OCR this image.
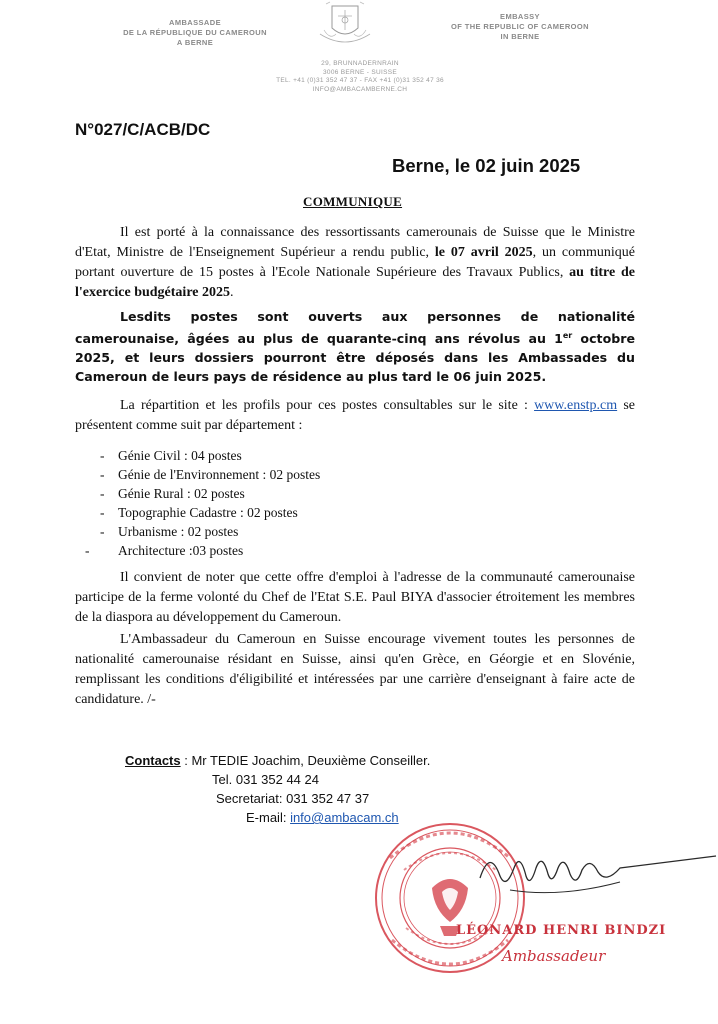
AMBASSADE
DE LA RÉPUBLIQUE DU CAMEROUN
A BERNE
EMBASSY
OF THE REPUBLIC OF CAMEROON
IN BERNE
29, BRUNNADERNRAIN
3006 BERNE - SUISSE
TEL. +41 (0)31 352 47 37 - FAX +41 (0)31 352 47 36
INFO@AMBACAMBERNE.CH
N°027/C/ACB/DC
Berne, le 02 juin 2025
COMMUNIQUE
Il est porté à la connaissance des ressortissants camerounais de Suisse que le Ministre d'Etat, Ministre de l'Enseignement Supérieur a rendu public, le 07 avril 2025, un communiqué portant ouverture de 15 postes à l'Ecole Nationale Supérieure des Travaux Publics, au titre de l'exercice budgétaire 2025.
Lesdits postes sont ouverts aux personnes de nationalité camerounaise, âgées au plus de quarante-cinq ans révolus au 1er octobre 2025, et leurs dossiers pourront être déposés dans les Ambassades du Cameroun de leurs pays de résidence au plus tard le 06 juin 2025.
La répartition et les profils pour ces postes consultables sur le site : www.enstp.cm se présentent comme suit par département :
- Génie Civil : 04 postes
- Génie de l'Environnement : 02 postes
- Génie Rural : 02 postes
- Topographie Cadastre : 02 postes
- Urbanisme : 02 postes
- Architecture :03 postes
Il convient de noter que cette offre d'emploi à l'adresse de la communauté camerounaise participe de la ferme volonté du Chef de l'Etat S.E. Paul BIYA d'associer étroitement les membres de la diaspora au développement du Cameroun.
L'Ambassadeur du Cameroun en Suisse encourage vivement toutes les personnes de nationalité camerounaise résidant en Suisse, ainsi qu'en Grèce, en Géorgie et en Slovénie, remplissant les conditions d'éligibilité et intéressées par une carrière d'enseignant à faire acte de candidature. /-
Contacts : Mr TEDIE Joachim, Deuxième Conseiller.
Tel. 031 352 44 24
Secretariat: 031 352 47 37
E-mail: info@ambacam.ch
LÉONARD HENRI BINDZI
Ambassadeur
